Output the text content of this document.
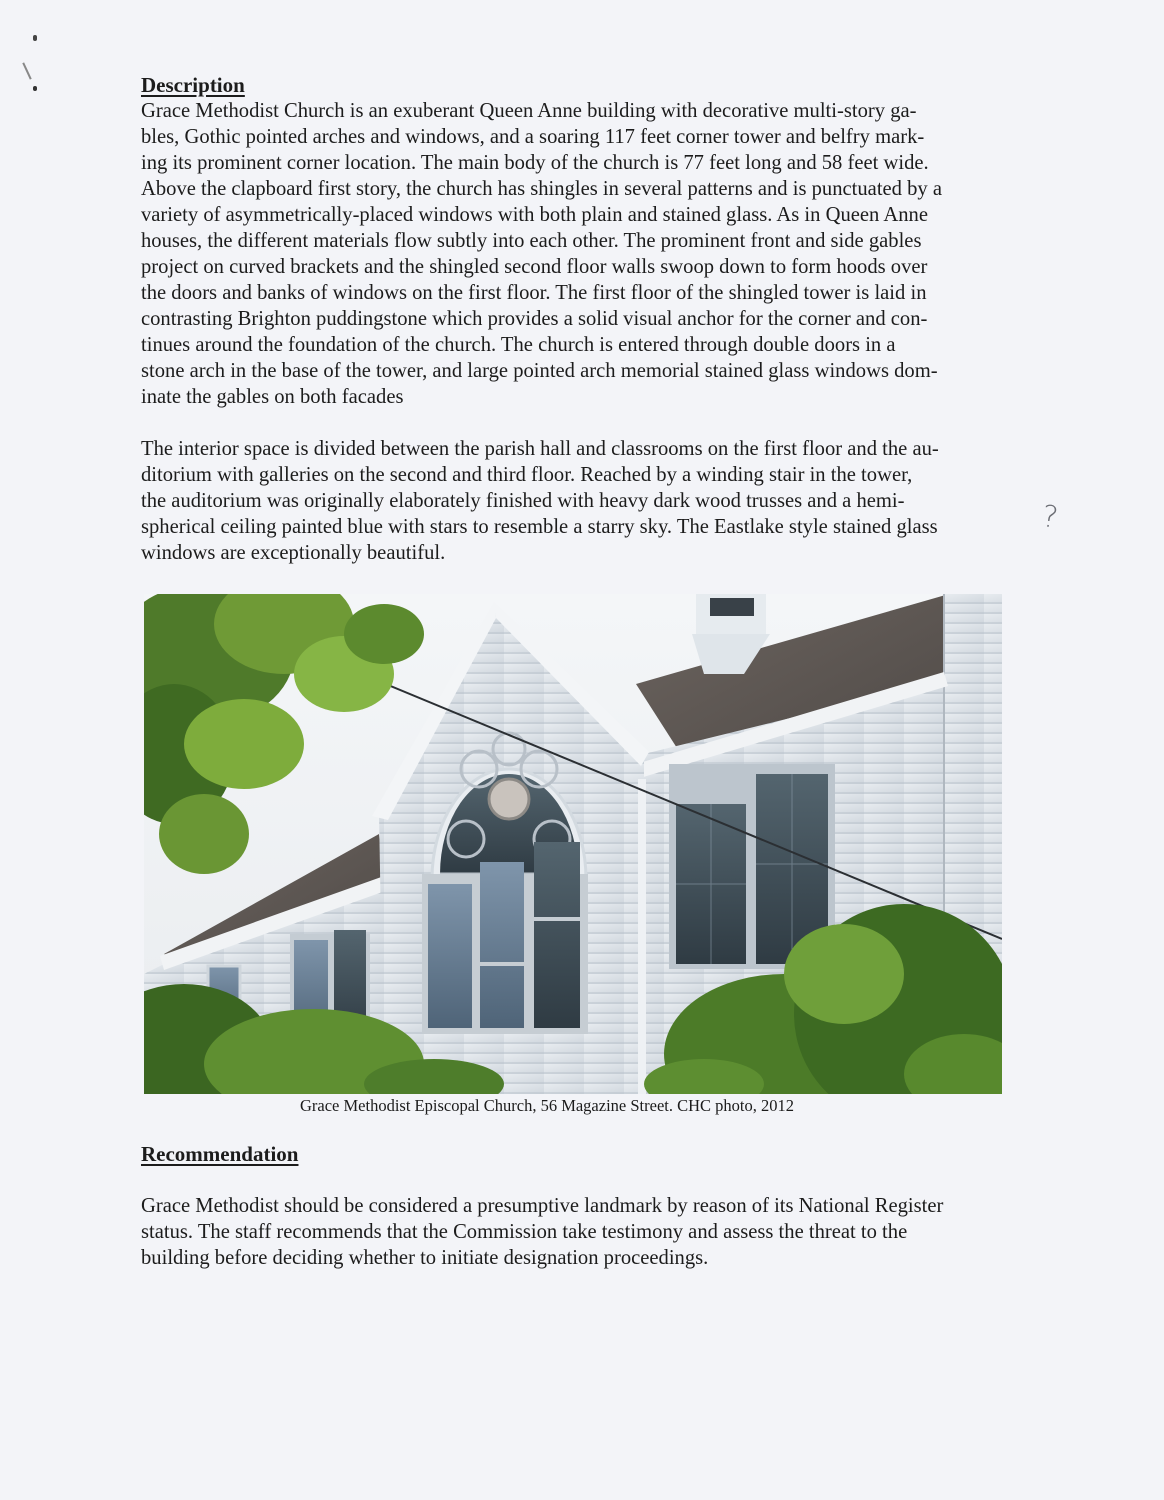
Description

Grace Methodist Church is an exuberant Queen Anne building with decorative multi-story ga-

bles, Gothic pointed arches and windows, and a soaring 117 feet corner tower and belfry mark-

ing its prominent corner location. The main body of the church is 77 feet long and 58 feet wide.

Above the clapboard first story, the church has shingles in several patterns and is punctuated by a

variety of asymmetrically-placed windows with both plain and stained glass. As in Queen Anne

houses, the different materials flow subtly into each other. The prominent front and side gables

project on curved brackets and the shingled second floor walls swoop down to form hoods over

the doors and banks of windows on the first floor. The first floor of the shingled tower is laid in

contrasting Brighton puddingstone which provides a solid visual anchor for the corner and con-

tinues around the foundation of the church. The church is entered through double doors in a

stone arch in the base of the tower, and large pointed arch memorial stained glass windows dom-

inate the gables on both facades

The interior space is divided between the parish hall and classrooms on the first floor and the au-

ditorium with galleries on the second and third floor. Reached by a winding stair in the tower,

the auditorium was originally elaborately finished with heavy dark wood trusses and a hemi-

spherical ceiling painted blue with stars to resemble a starry sky. The Eastlake style stained glass

windows are exceptionally beautiful.

?
Grace Methodist Episcopal Church, 56 Magazine Street. CHC photo, 2012
Recommendation
Grace Methodist should be considered a presumptive landmark by reason of its National Register
status. The staff recommends that the Commission take testimony and assess the threat to the
building before deciding whether to initiate designation proceedings.
